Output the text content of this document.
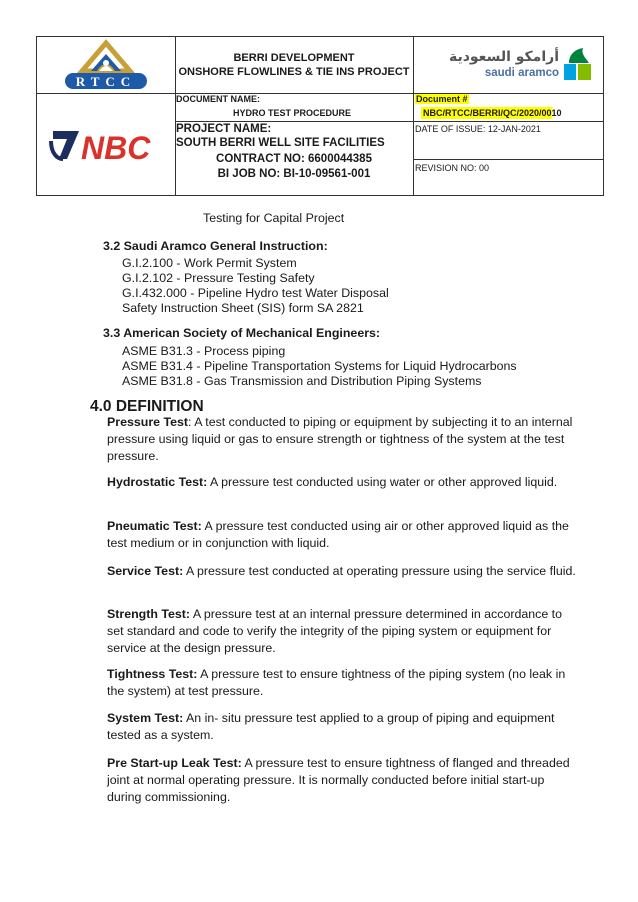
RTCC
BERRI DEVELOPMENT
ONSHORE FLOWLINES & TIE INS PROJECT
أرامكو السعودية
saudi aramco
NBC
DOCUMENT NAME:
HYDRO TEST PROCEDURE
Document #
NBC/RTCC/BERRI/QC/2020/0010
PROJECT NAME:
SOUTH BERRI WELL SITE FACILITIES
CONTRACT NO: 6600044385
BI JOB NO: BI-10-09561-001
DATE OF ISSUE: 12-JAN-2021
REVISION NO: 00
Testing for Capital Project
3.2 Saudi Aramco General Instruction:
G.I.2.100 - Work Permit System
G.I.2.102 - Pressure Testing Safety
G.I.432.000 - Pipeline Hydro test Water Disposal
Safety Instruction Sheet (SIS) form SA 2821
3.3 American Society of Mechanical Engineers:
ASME B31.3 - Process piping
ASME B31.4 - Pipeline Transportation Systems for Liquid Hydrocarbons
ASME B31.8 - Gas Transmission and Distribution Piping Systems
4.0 DEFINITION
Pressure Test: A test conducted to piping or equipment by subjecting it to an internal pressure using liquid or gas to ensure strength or tightness of the system at the test pressure.
Hydrostatic Test: A pressure test conducted using water or other approved liquid.
Pneumatic Test: A pressure test conducted using air or other approved liquid as the test medium or in conjunction with liquid.
Service Test: A pressure test conducted at operating pressure using the service fluid.
Strength Test: A pressure test at an internal pressure determined in accordance to set standard and code to verify the integrity of the piping system or equipment for service at the design pressure.
Tightness Test: A pressure test to ensure tightness of the piping system (no leak in the system) at test pressure.
System Test: An in- situ pressure test applied to a group of piping and equipment tested as a system.
Pre Start-up Leak Test: A pressure test to ensure tightness of flanged and threaded joint at normal operating pressure. It is normally conducted before initial start-up during commissioning.
